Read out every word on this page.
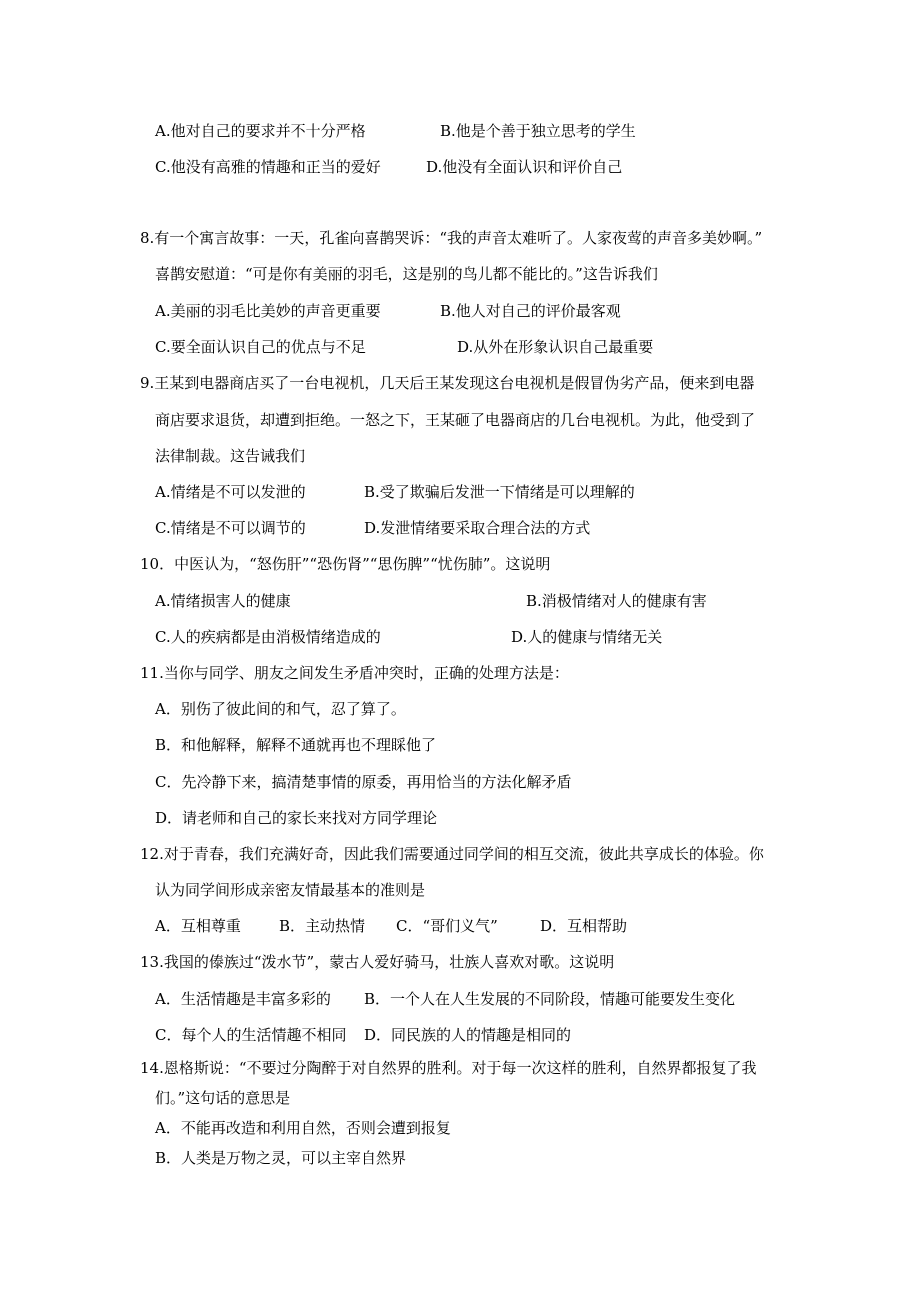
A.他对自己的要求并不十分严格	B.他是个善于独立思考的学生
C.他没有高雅的情趣和正当的爱好	D.他没有全面认识和评价自己
8.有一个寓言故事：一天，孔雀向喜鹊哭诉：“我的声音太难听了。人家夜莺的声音多美妙啊。”
喜鹊安慰道：“可是你有美丽的羽毛，这是别的鸟儿都不能比的。”这告诉我们
A.美丽的羽毛比美妙的声音更重要	B.他人对自己的评价最客观
C.要全面认识自己的优点与不足	D.从外在形象认识自己最重要
9.王某到电器商店买了一台电视机，几天后王某发现这台电视机是假冒伪劣产品，便来到电器
商店要求退货，却遭到拒绝。一怒之下，王某砸了电器商店的几台电视机。为此，他受到了
法律制裁。这告诫我们
A.情绪是不可以发泄的	B.受了欺骗后发泄一下情绪是可以理解的
C.情绪是不可以调节的	D.发泄情绪要采取合理合法的方式
10．中医认为，“怒伤肝”“恐伤肾”“思伤脾”“忧伤肺”。这说明
A.情绪损害人的健康	B.消极情绪对人的健康有害
C.人的疾病都是由消极情绪造成的	D.人的健康与情绪无关
11.当你与同学、朋友之间发生矛盾冲突时，正确的处理方法是：
A．别伤了彼此间的和气，忍了算了。
B．和他解释，解释不通就再也不理睬他了
C．先冷静下来，搞清楚事情的原委，再用恰当的方法化解矛盾
D．请老师和自己的家长来找对方同学理论
12.对于青春，我们充满好奇，因此我们需要通过同学间的相互交流，彼此共享成长的体验。你
认为同学间形成亲密友情最基本的准则是
A．互相尊重	B．主动热情 C．“哥们义气”	D．互相帮助
13.我国的傣族过“泼水节”，蒙古人爱好骑马，壮族人喜欢对歌。这说明
A．生活情趣是丰富多彩的 B．一个人在人生发展的不同阶段，情趣可能要发生变化
C．每个人的生活情趣不相同 D．同民族的人的情趣是相同的
14.恩格斯说：“不要过分陶醉于对自然界的胜利。对于每一次这样的胜利，自然界都报复了我
们。”这句话的意思是
A．不能再改造和利用自然，否则会遭到报复
B．人类是万物之灵，可以主宰自然界
